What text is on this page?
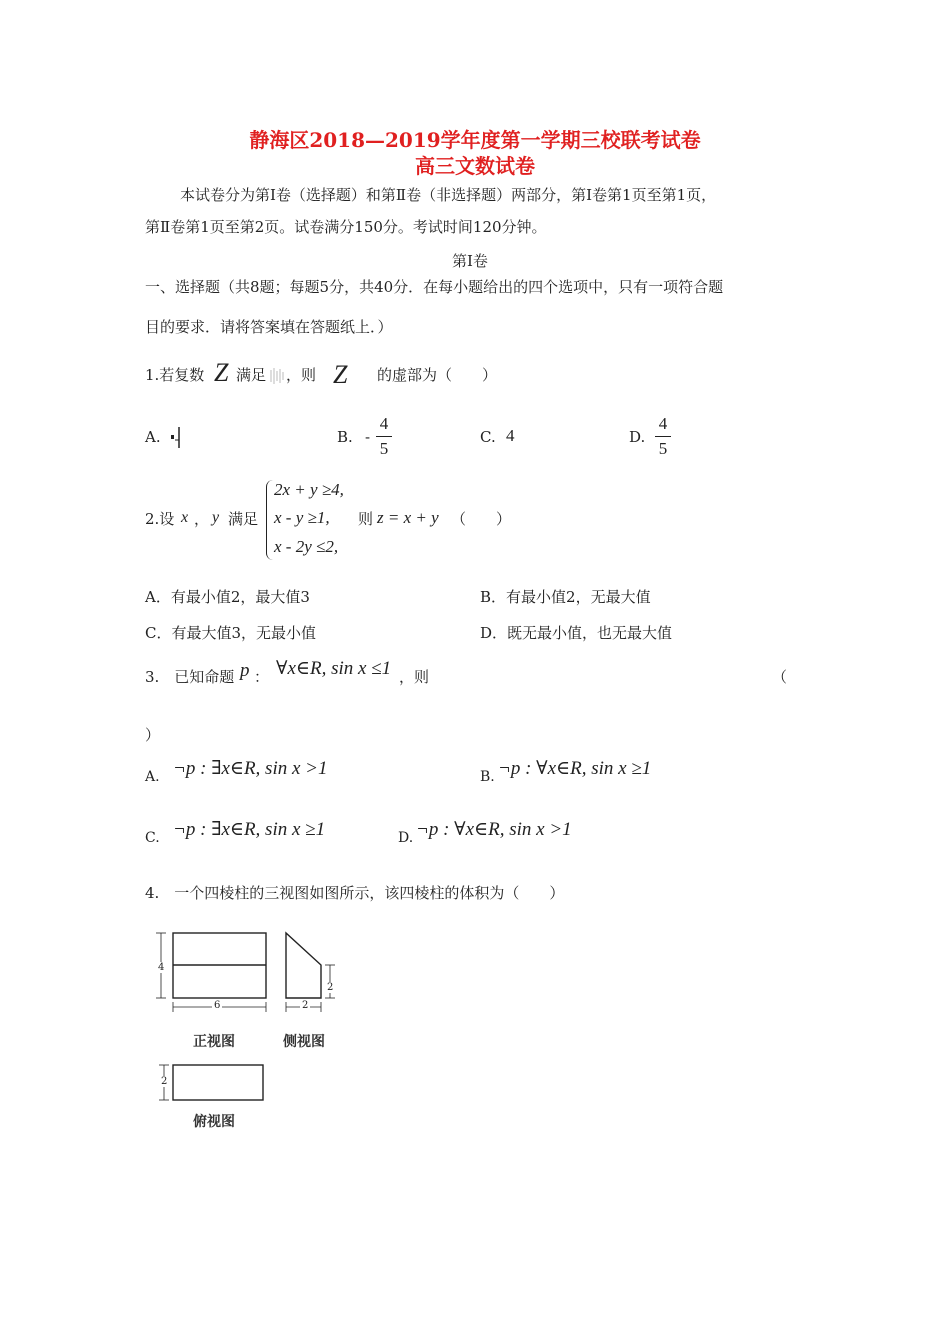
静海区2018—2019学年度第一学期三校联考试卷
高三文数试卷
本试卷分为第Ⅰ卷（选择题）和第Ⅱ卷（非选择题）两部分，第Ⅰ卷第1页至第1页，
第Ⅱ卷第1页至第2页。试卷满分150分。考试时间120分钟。
第Ⅰ卷
一、选择题（共8题；每题5分，共40分．在每小题给出的四个选项中，只有一项符合题
目的要求．请将答案填在答题纸上．）
1.若复数 Z 满足 ，则 Z 的虚部为（　　）
A.	B. -
4
5
C. 4	D.
4
5
2.设 x ， y 满足
2x + y ≥4,
x - y ≥1,
x - 2y ≤2,
则 z = x + y （　　）
A．有最小值2，最大值3	B．有最小值2，无最大值
C．有最大值3，无最小值	D．既无最小值，也无最大值
3.　已知命题 p ： ∀x∈R, sin x ≤1 ，则	（
）
A. ¬p : ∃x∈R, sin x >1	B. ¬p : ∀x∈R, sin x ≥1
C. ¬p : ∃x∈R, sin x ≥1	D. ¬p : ∀x∈R, sin x >1
4.　一个四棱柱的三视图如图所示，该四棱柱的体积为（　　）
4
6	2
2
2
正视图	侧视图
俯视图
